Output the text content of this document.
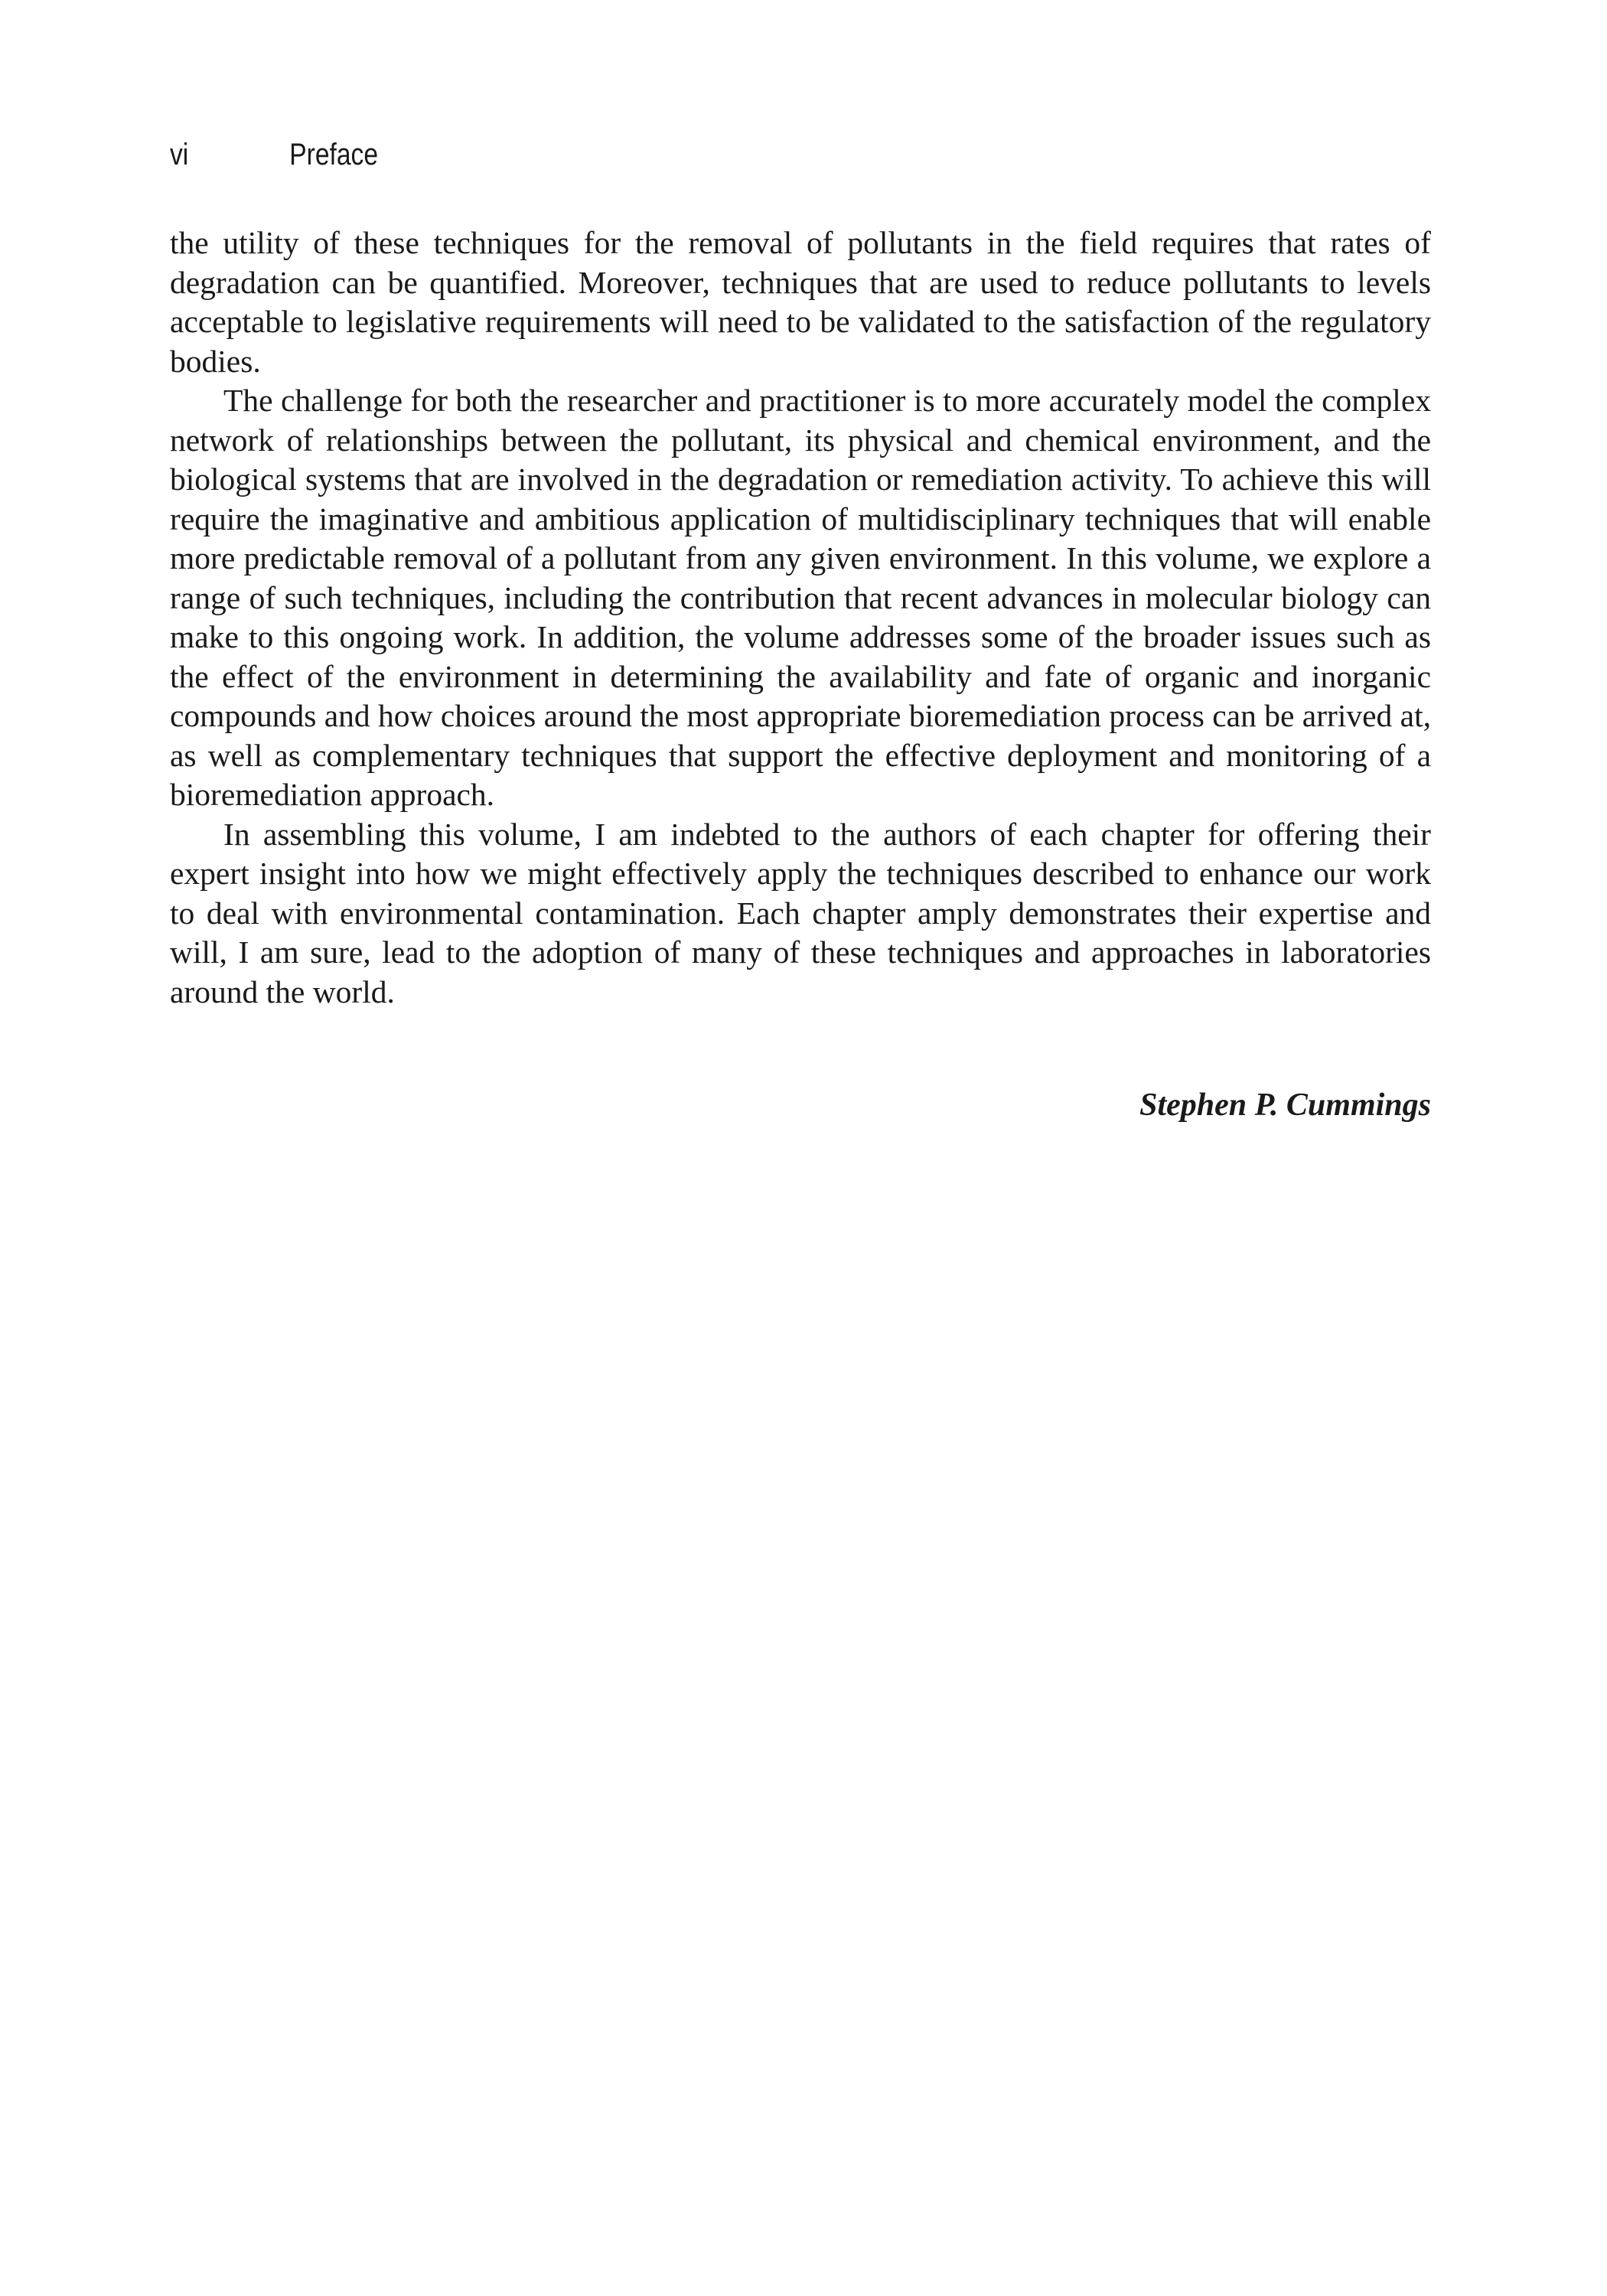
vi	Preface

the utility of these techniques for the removal of pollutants in the field requires that rates of degradation can be quantified. Moreover, techniques that are used to reduce pollutants to levels acceptable to legislative requirements will need to be validated to the satisfaction of the regulatory bodies.

The challenge for both the researcher and practitioner is to more accurately model the complex network of relationships between the pollutant, its physical and chemical environment, and the biological systems that are involved in the degradation or remediation activity. To achieve this will require the imaginative and ambitious application of multidisciplinary techniques that will enable more predictable removal of a pollutant from any given environment. In this volume, we explore a range of such techniques, including the contribution that recent advances in molecular biology can make to this ongoing work. In addition, the volume addresses some of the broader issues such as the effect of the environment in determining the availability and fate of organic and inorganic compounds and how choices around the most appropriate bioremediation process can be arrived at, as well as complementary techniques that support the effective deployment and monitoring of a bioremediation approach.

In assembling this volume, I am indebted to the authors of each chapter for offering their expert insight into how we might effectively apply the techniques described to enhance our work to deal with environmental contamination. Each chapter amply demonstrates their expertise and will, I am sure, lead to the adoption of many of these techniques and approaches in laboratories around the world.

Stephen P. Cummings
